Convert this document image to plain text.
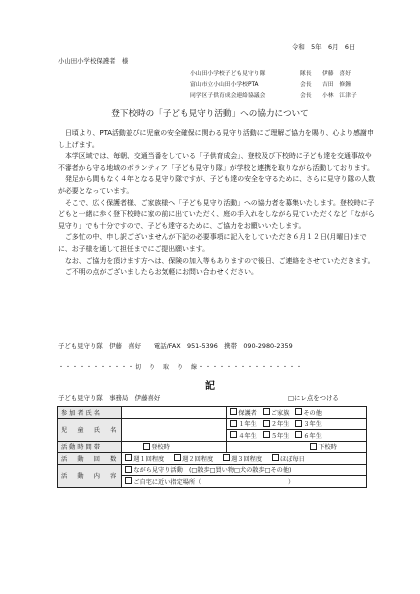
令和　5年　6月　6日
小山田小学校保護者　様
小山田小学校子ども見守り隊	隊長 伊藤　喜好
富山市立小山田小学校PTA	会長 吉田　修鐘
同学区子供育成会連絡協議会	会長 小林　江津子
登下校時の「子ども見守り活動」への協力について

日頃より、PTA活動並びに児童の安全確保に関わる見守り活動にご理解ご協力を賜り、心より感謝申し上げます。

本学区域では、毎朝、交通当番をしている「子供育成会」、登校及び下校時に子ども達を交通事故や不審者から守る地域のボランティア「子ども見守り隊」が学校と連携を取りながら活動しております。

発足から間もなく４年となる見守り隊ですが、子ども達の安全を守るために、さらに見守り隊の人数が必要となっています。

そこで、広く保護者様、ご家族様へ「子ども見守り活動」への協力者を募集いたします。登校時に子どもと一緒に歩く登下校時に家の前に出ていただく、庭の手入れをしながら見ていただくなど「ながら見守り」でも十分ですので、子ども達守るために、ご協力をお願いいたします。

ご多忙の中、申し訳ございませんが下記の必要事項に記入をしていただき６月１２日(月曜日)までに、お子様を通して担任までにご提出願います。

なお、ご協力を頂けます方へは、保険の加入等もありますので後日、ご連絡をさせていただきます。

ご不明の点がございましたらお気軽にお問い合わせください。

子ども見守り隊　伊藤　喜好　　電話/FAX　951-5396　携帯　090-2980-2359
・・・・・・・・・・・切　り　取　り　線・・・・・・・・・・・・・・・
記
子ども見守り隊　事務局　伊藤喜好	□にレ点をつける
参加者氏名		保護者 ご家族 その他
児　童　氏　名		１年生 ２年生 ３年生
		４年生 ５年生 ６年生
活動時間帯	登校時	下校時
活　動　回　数	週１回程度 週２回程度 週３回程度 ほぼ毎日	
活　動　内　容	ながら見守り活動　(□散歩□買い物□犬の散歩□その他)	
	ご自宅に近い指定場所（　　　　　　　　　　　　　　）	
